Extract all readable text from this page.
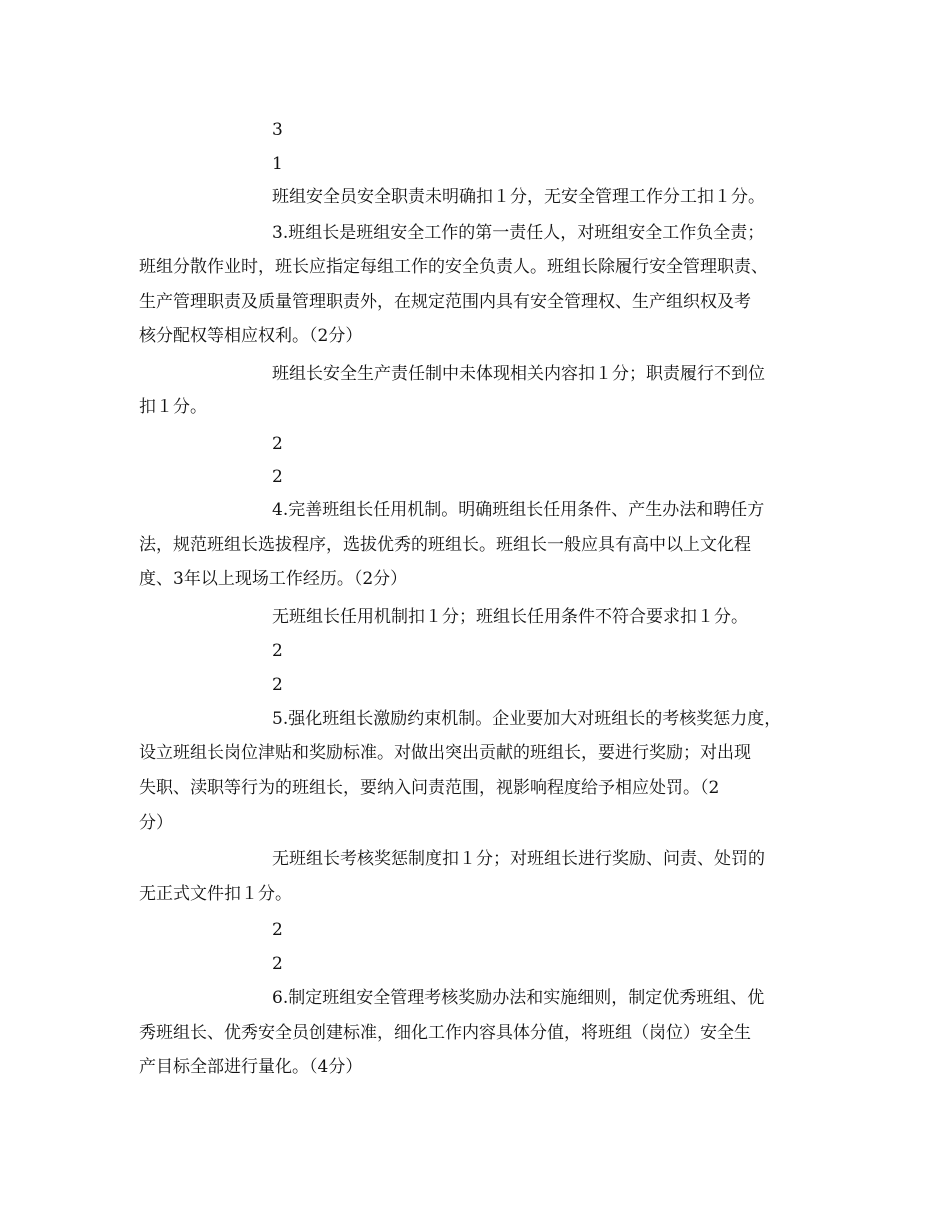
3
1
班组安全员安全职责未明确扣１分，无安全管理工作分工扣１分。
3.班组长是班组安全工作的第一责任人，对班组安全工作负全责；
班组分散作业时，班长应指定每组工作的安全负责人。班组长除履行安全管理职责、
生产管理职责及质量管理职责外，在规定范围内具有安全管理权、生产组织权及考
核分配权等相应权利。（2分）
班组长安全生产责任制中未体现相关内容扣１分；职责履行不到位
扣１分。
2
2
4.完善班组长任用机制。明确班组长任用条件、产生办法和聘任方
法，规范班组长选拔程序，选拔优秀的班组长。班组长一般应具有高中以上文化程
度、3年以上现场工作经历。（2分）
无班组长任用机制扣１分；班组长任用条件不符合要求扣１分。
2
2
5.强化班组长激励约束机制。企业要加大对班组长的考核奖惩力度，
设立班组长岗位津贴和奖励标准。对做出突出贡献的班组长，要进行奖励；对出现
失职、渎职等行为的班组长，要纳入问责范围，视影响程度给予相应处罚。（2
分）
无班组长考核奖惩制度扣１分；对班组长进行奖励、问责、处罚的
无正式文件扣１分。
2
2
6.制定班组安全管理考核奖励办法和实施细则，制定优秀班组、优
秀班组长、优秀安全员创建标准，细化工作内容具体分值，将班组（岗位）安全生
产目标全部进行量化。（4分）
